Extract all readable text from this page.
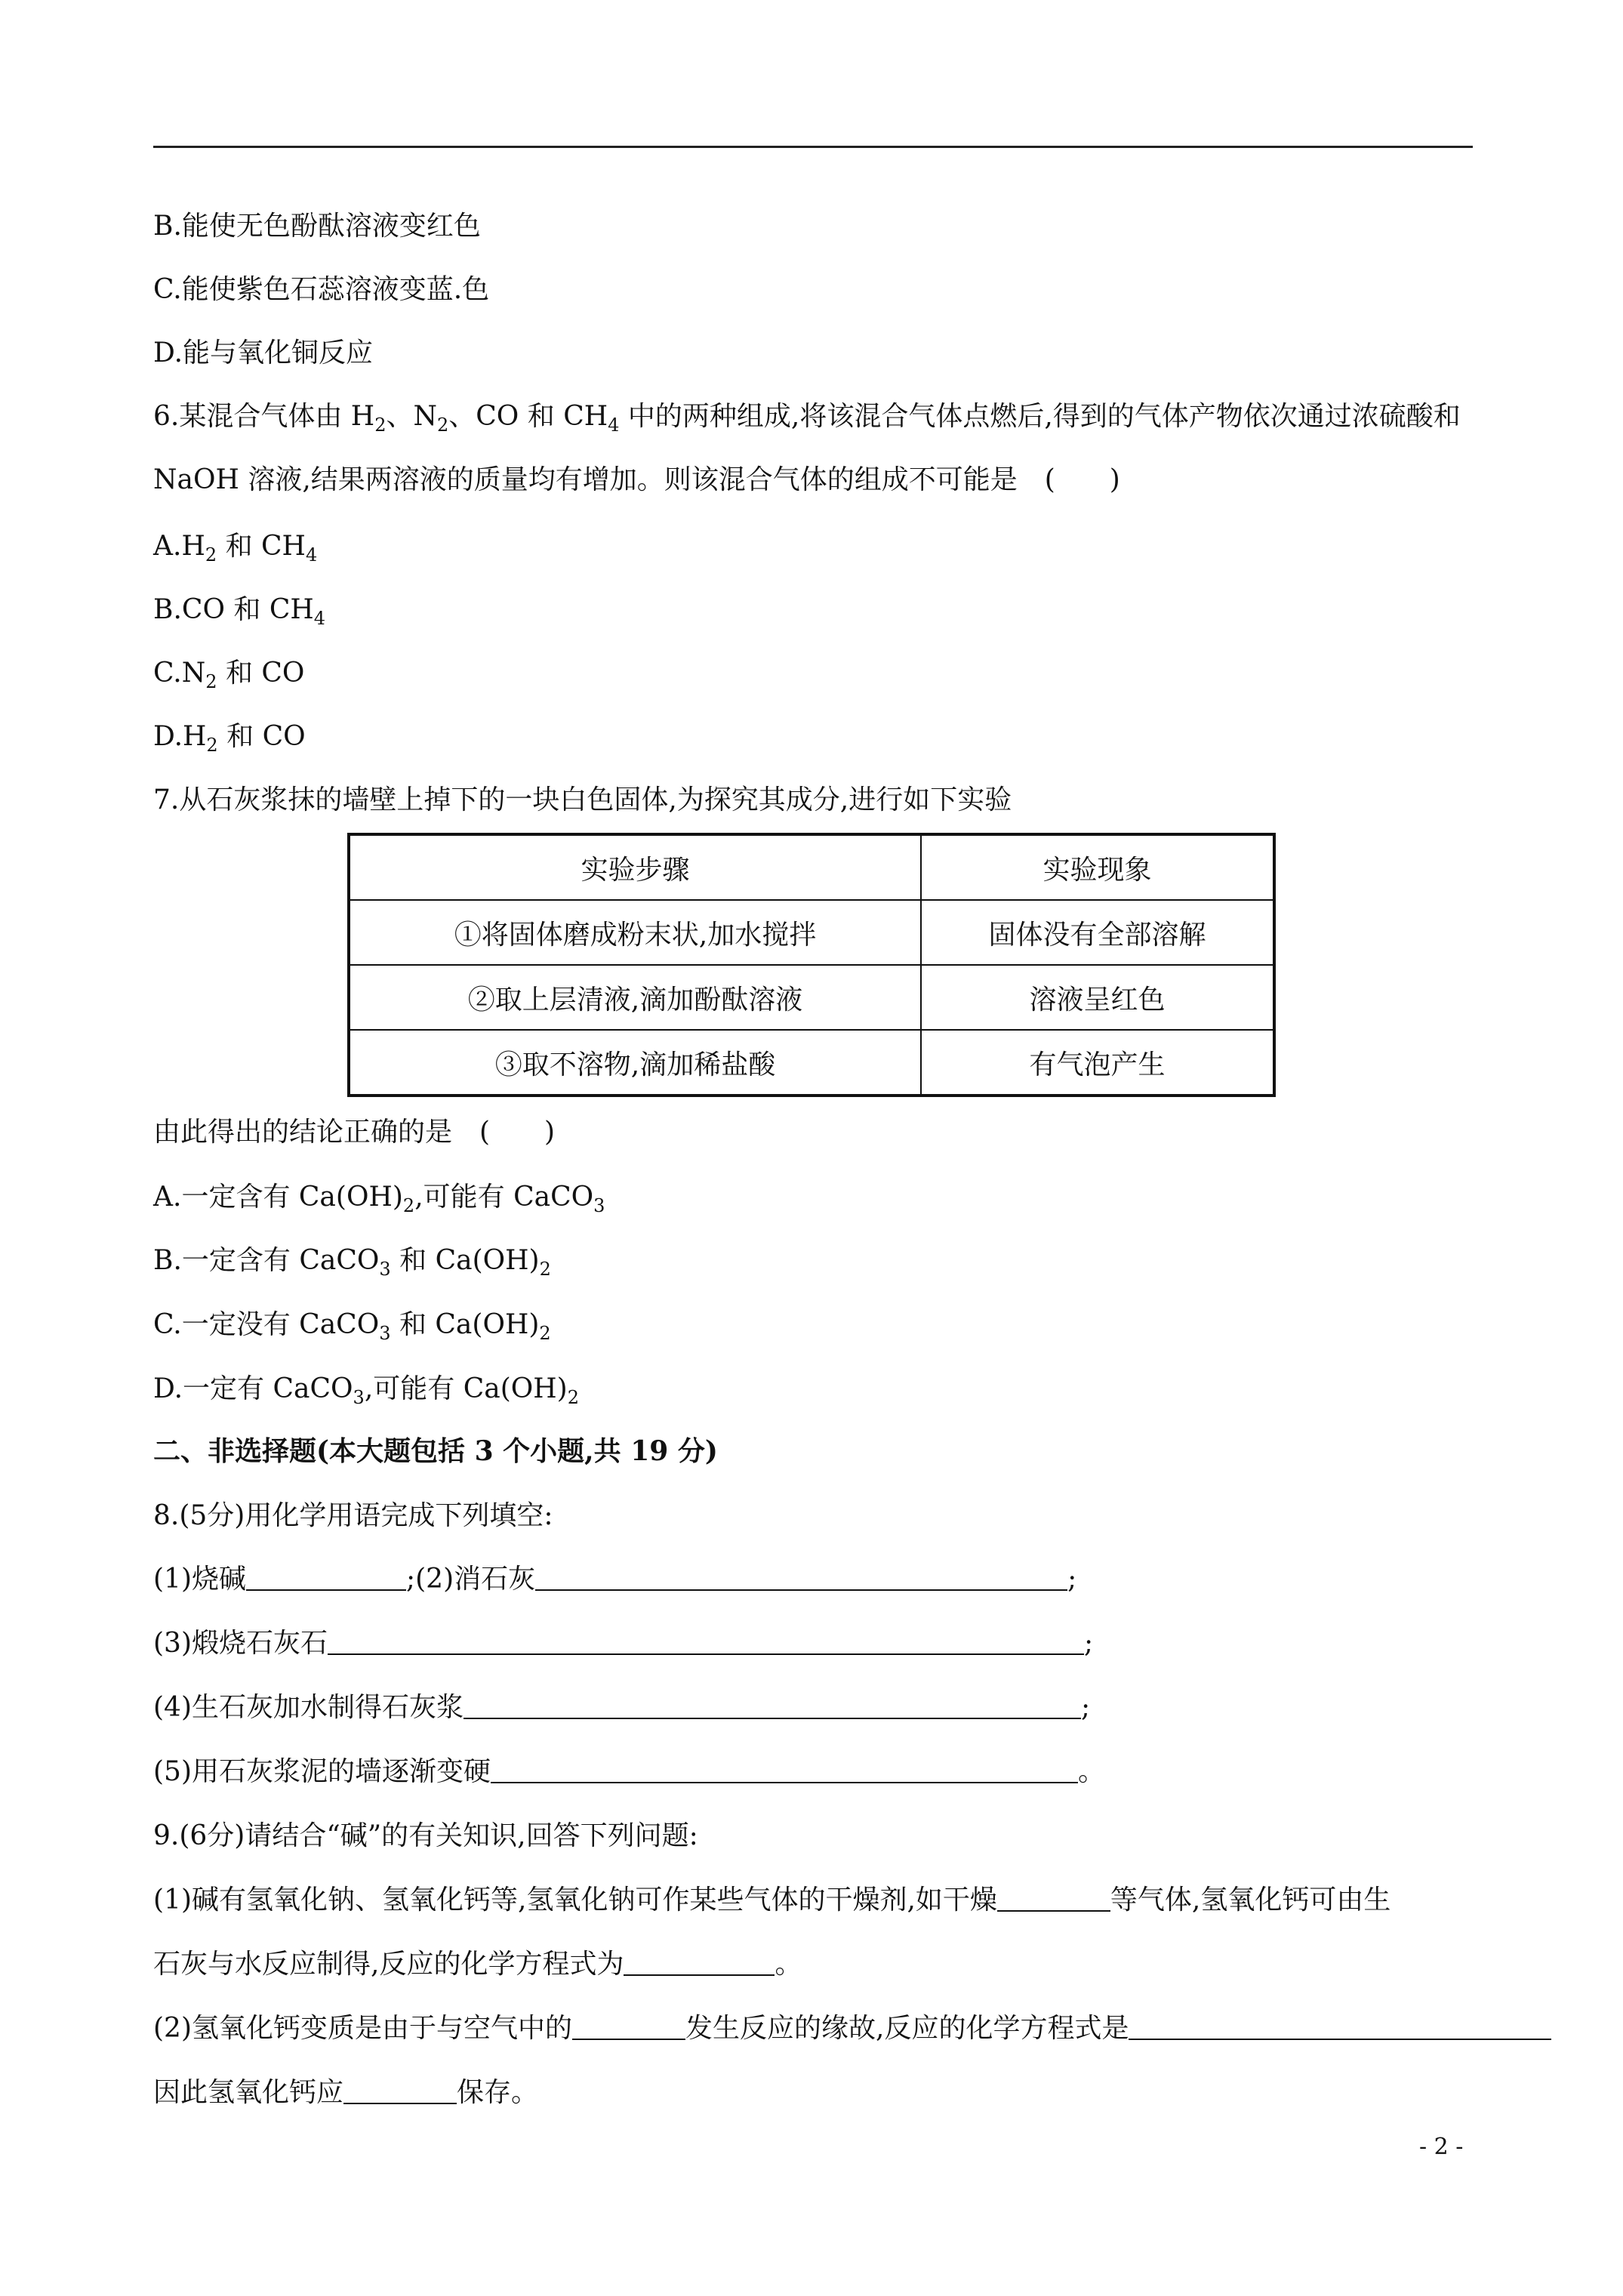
B.能使无色酚酞溶液变红色
C.能使紫色石蕊溶液变蓝.色
D.能与氧化铜反应
6.某混合气体由 $H_2$、$N_2$、CO 和 $CH_4$ 中的两种组成,将该混合气体点燃后,得到的气体产物依次通过浓硫酸和
NaOH 溶液,结果两溶液的质量均有增加。则该混合气体的组成不可能是　(　　)
$A.H_2$ 和 $CH_4$
B.CO 和 $CH_4$
$C.N_2$ 和 CO
$D.H_2$ 和 CO
7.从石灰浆抹的墙壁上掉下的一块白色固体,为探究其成分,进行如下实验
实验步骤	实验现象
①将固体磨成粉末状,加水搅拌	固体没有全部溶解
②取上层清液,滴加酚酞溶液	溶液呈红色
③取不溶物,滴加稀盐酸	有气泡产生
由此得出的结论正确的是　(　　)
A.一定含有 $Ca(OH)_2$,可能有 CaCO$_3$
B.一定含有 CaCO$_3$ 和 $Ca(OH)_2$
C.一定没有 CaCO$_3$ 和 $Ca(OH)_2$
D.一定有 CaCO$_3$,可能有 $Ca(OH)_2$
二、非选择题(本大题包括 3 个小题,共 19 分)
8.(5分)用化学用语完成下列填空:
(1)烧碱	;(2)消石灰	;
(3)煅烧石灰石	;
(4)生石灰加水制得石灰浆	;
(5)用石灰浆泥的墙逐渐变硬	。
9.(6分)请结合“碱”的有关知识,回答下列问题:
(1)碱有氢氧化钠、氢氧化钙等,氢氧化钠可作某些气体的干燥剂,如干燥	等气体,氢氧化钙可由生
石灰与水反应制得,反应的化学方程式为	。
(2)氢氧化钙变质是由于与空气中的	发生反应的缘故,反应的化学方程式是
因此氢氧化钙应	保存。
- 2 -
